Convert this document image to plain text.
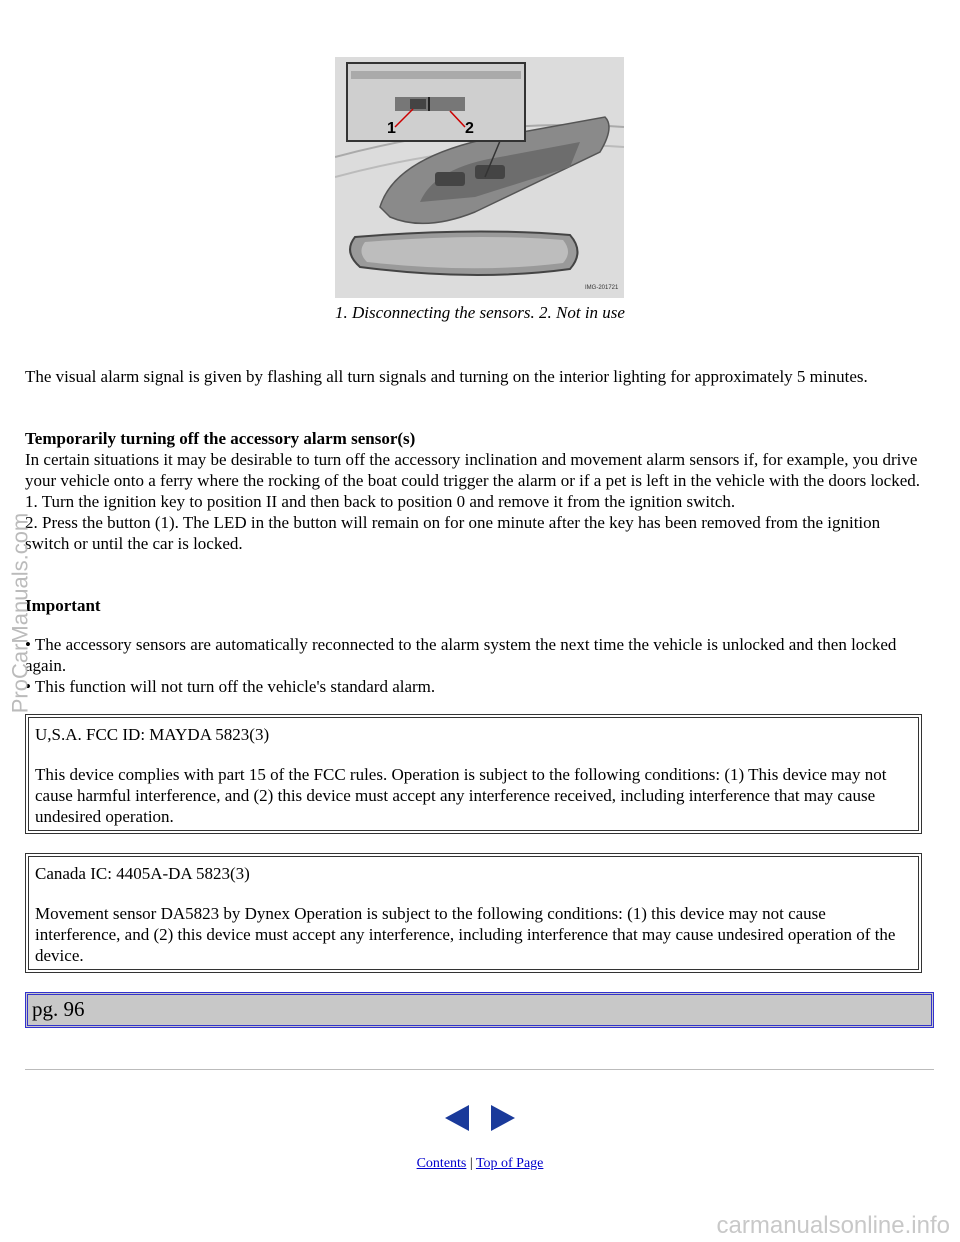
1	2
IMG-201721
1. Disconnecting the sensors. 2. Not in use

The visual alarm signal is given by flashing all turn signals and turning on the interior lighting for approximately 5 minutes.

Temporarily turning off the accessory alarm sensor(s)

In certain situations it may be desirable to turn off the accessory inclination and movement alarm sensors if, for example, you drive your vehicle onto a ferry where the rocking of the boat could trigger the alarm or if a pet is left in the vehicle with the doors locked.

1. Turn the ignition key to position II and then back to position 0 and remove it from the ignition switch.

2. Press the button (1). The LED in the button will remain on for one minute after the key has been removed from the ignition switch or until the car is locked.

Important

• The accessory sensors are automatically reconnected to the alarm system the next time the vehicle is unlocked and then locked again.

• This function will not turn off the vehicle's standard alarm.

U,S.A. FCC ID: MAYDA 5823(3)

This device complies with part 15 of the FCC rules. Operation is subject to the following conditions: (1) This device may not cause harmful interference, and (2) this device must accept any interference received, including interference that may cause undesired operation.

Canada IC: 4405A-DA 5823(3)

Movement sensor DA5823 by Dynex Operation is subject to the following conditions: (1) this device may not cause interference, and (2) this device must accept any interference, including interference that may cause undesired operation of the device.

pg. 96
Contents | Top of Page
ProCarManuals.com
carmanualsonline.info
